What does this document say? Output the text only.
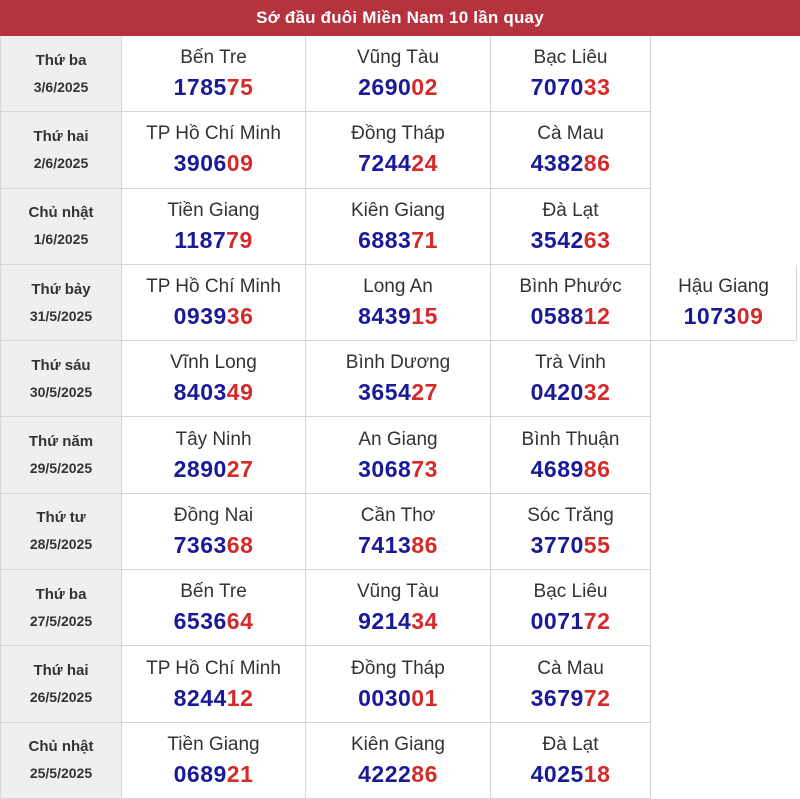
Sớ đầu đuôi Miền Nam 10 lần quay
Thứ ba
3/6/2025
Bến Tre
178575
Vũng Tàu
269002
Bạc Liêu
707033
Thứ hai
2/6/2025
TP Hồ Chí Minh
390609
Đồng Tháp
724424
Cà Mau
438286
Chủ nhật
1/6/2025
Tiền Giang
118779
Kiên Giang
688371
Đà Lạt
354263
Thứ bảy
31/5/2025
TP Hồ Chí Minh
093936
Long An
843915
Bình Phước
058812
Hậu Giang
107309
Thứ sáu
30/5/2025
Vĩnh Long
840349
Bình Dương
365427
Trà Vinh
042032
Thứ năm
29/5/2025
Tây Ninh
289027
An Giang
306873
Bình Thuận
468986
Thứ tư
28/5/2025
Đồng Nai
736368
Cần Thơ
741386
Sóc Trăng
377055
Thứ ba
27/5/2025
Bến Tre
653664
Vũng Tàu
921434
Bạc Liêu
007172
Thứ hai
26/5/2025
TP Hồ Chí Minh
824412
Đồng Tháp
003001
Cà Mau
367972
Chủ nhật
25/5/2025
Tiền Giang
068921
Kiên Giang
422286
Đà Lạt
402518
